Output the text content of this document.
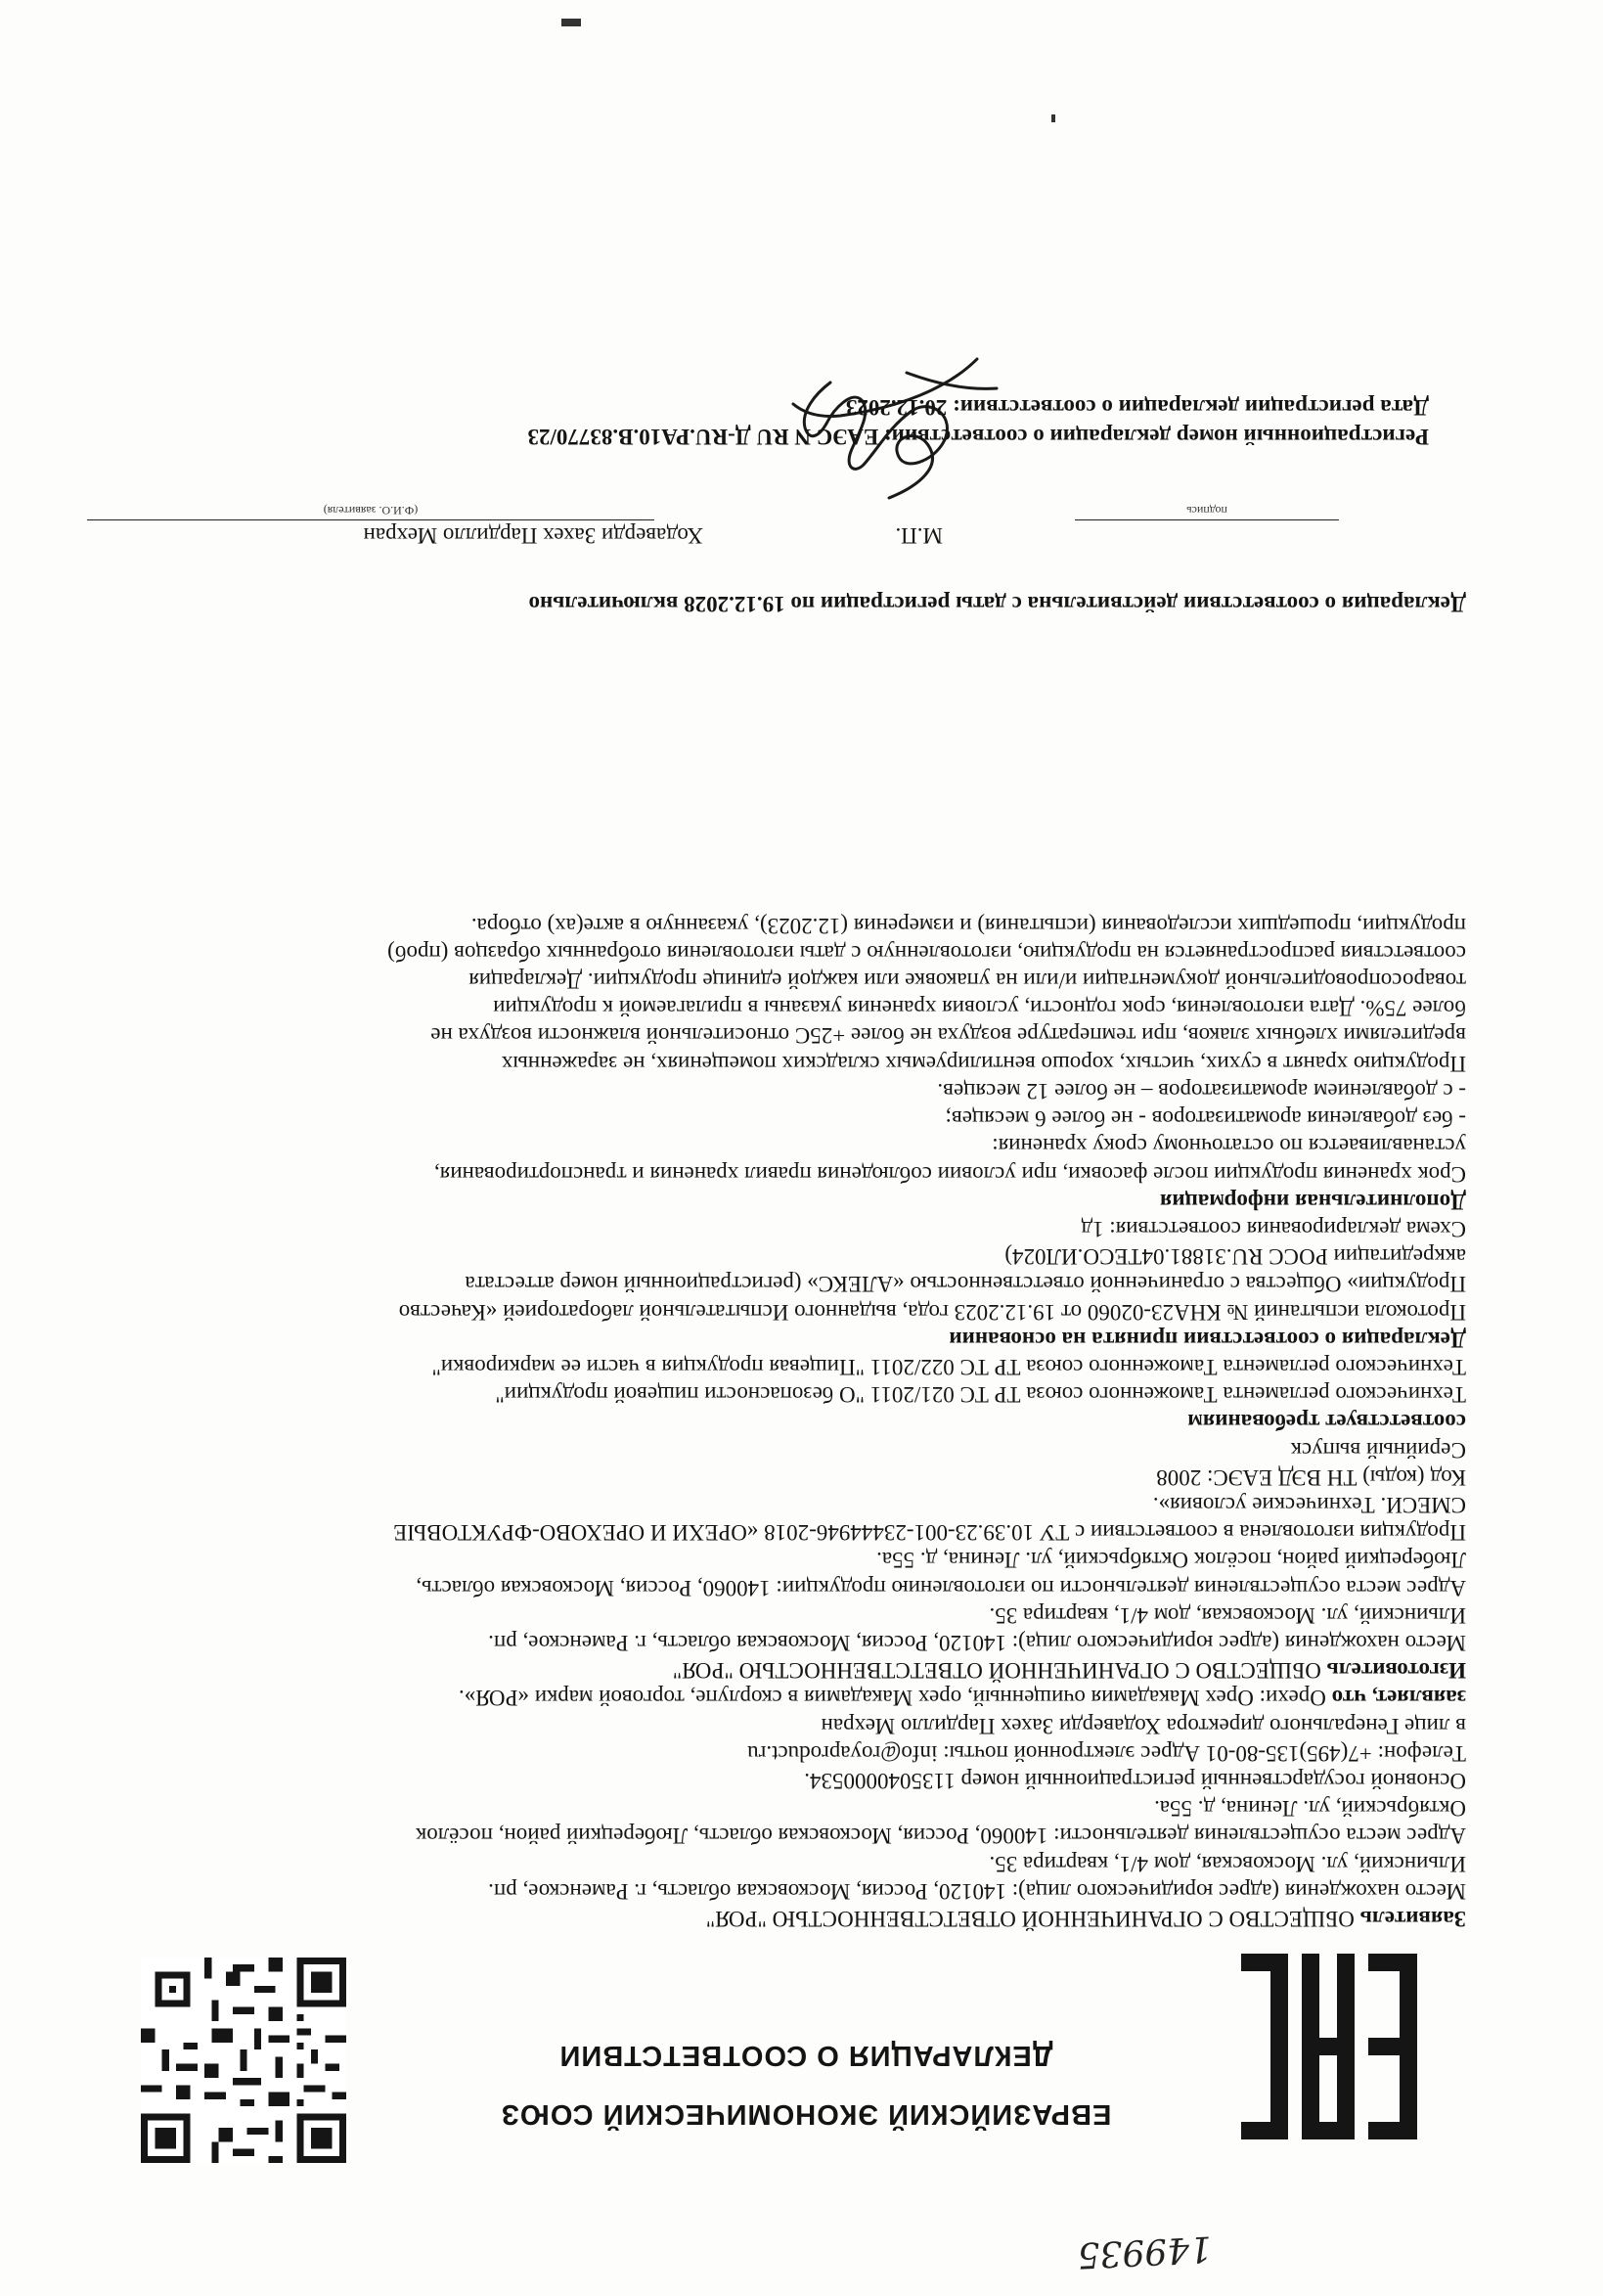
149935
ЕВРАЗИЙСКИЙ ЭКОНОМИЧЕСКИЙ СОЮЗ
ДЕКЛАРАЦИЯ О СООТВЕТСТВИИ

Заявитель ОБЩЕСТВО С ОГРАНИЧЕННОЙ ОТВЕТСТВЕННОСТЬЮ "РОЯ"

Место нахождения (адрес юридического лица): 140120, Россия, Московская область, г. Раменское, рп.

Ильинский, ул. Московская, дом 4/1, квартира 35.

Адрес места осуществления деятельности: 140060, Россия, Московская область, Люберецкий район, посёлок

Октябрьский, ул. Ленина, д. 55а.

Основной государственный регистрационный номер 1135040000534.

Телефон: +7(495)135-80-01 Адрес электронной почты: info@royaproduct.ru

в лице Генерального директора Ходаверди Захех Пардилло Мехран

заявляет, что Орехи: Орех Макадамия очищенный, орех Макадамия в скорлупе, торговой марки «РОЯ».

Изготовитель ОБЩЕСТВО С ОГРАНИЧЕННОЙ ОТВЕТСТВЕННОСТЬЮ "РОЯ"

Место нахождения (адрес юридического лица): 140120, Россия, Московская область, г. Раменское, рп.

Ильинский, ул. Московская, дом 4/1, квартира 35.

Адрес места осуществления деятельности по изготовлению продукции: 140060, Россия, Московская область,

Люберецкий район, посёлок Октябрьский, ул. Ленина, д. 55а.

Продукция изготовлена в соответствии с ТУ 10.39.23-001-23444946-2018 «ОРЕХИ И ОРЕХОВО-ФРУКТОВЫЕ

СМЕСИ. Технические условия».

Код (коды) ТН ВЭД ЕАЭС: 2008

Серийный выпуск

соответствует требованиям

Технического регламента Таможенного союза ТР ТС 021/2011 "О безопасности пищевой продукции"

Технического регламента Таможенного союза ТР ТС 022/2011 "Пищевая продукция в части ее маркировки"

Декларация о соответствии принята на основании

Протокола испытаний № КНА23-02060 от 19.12.2023 года, выданного Испытательной лабораторией «Качество

Продукции» Общества с ограниченной ответственностью «АЛЕКС» (регистрационный номер аттестата

аккредитации РОСС RU.31881.04ТЕСО.ИЛ024)

Схема декларирования соответствия: 1д

Дополнительная информация

Срок хранения продукции после фасовки, при условии соблюдения правил хранения и транспортирования,

устанавливается по остаточному сроку хранения:

- без добавления ароматизаторов - не более 6 месяцев;

- с добавлением ароматизаторов – не более 12 месяцев.

Продукцию хранят в сухих, чистых, хорошо вентилируемых складских помещениях, не зараженных

вредителями хлебных злаков, при температуре воздуха не более +25С относительной влажности воздуха не

более 75%. Дата изготовления, срок годности, условия хранения указаны в прилагаемой к продукции

товаросопроводительной документации и/или на упаковке или каждой единице продукции. Декларация

соответствия распространяется на продукцию, изготовленную с даты изготовления отобранных образцов (проб)

продукции, прошедших исследования (испытания) и измерения (12.2023), указанную в акте(ах) отбора.

Декларация о соответствии действительна с даты регистрации по 19.12.2028 включительно
подпись
М.П.
Ходаверди Захех Пардилло Мехран
(Ф.И.О. заявителя)
Регистрационный номер декларации о соответствии: ЕАЭС N RU Д-RU.PA10.B.83770/23
Дата регистрации декларации о соответствии: 20.12.2023
